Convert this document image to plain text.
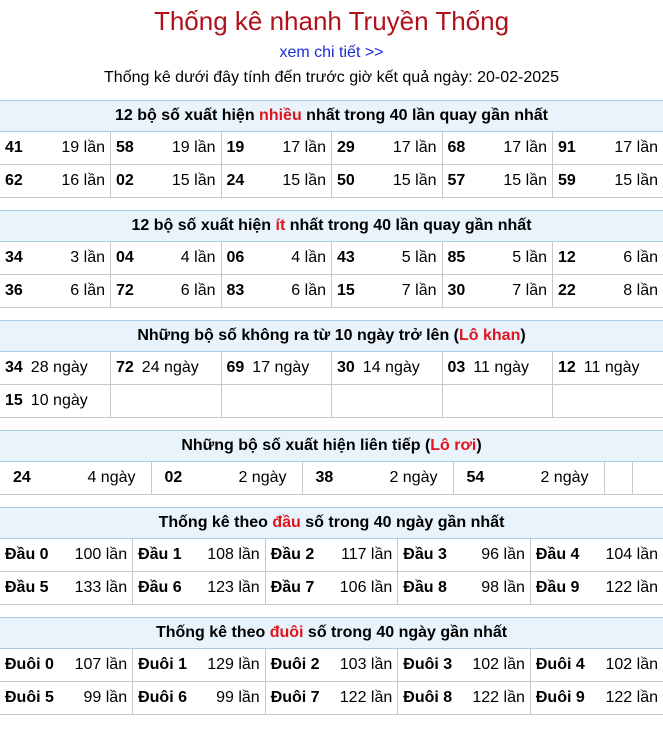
Thống kê nhanh Truyền Thống
xem chi tiết >>
Thống kê dưới đây tính đến trước giờ kết quả ngày: 20-02-2025
12 bộ số xuất hiện nhiều nhất trong 40 lần quay gần nhất
41 19 lần	58 19 lần	19 17 lần	29 17 lần	68 17 lần	91 17 lần

62 16 lần	02 15 lần	24 15 lần	50 15 lần	57 15 lần	59 15 lần
12 bộ số xuất hiện ít nhất trong 40 lần quay gần nhất
34 3 lần	04 4 lần	06 4 lần	43 5 lần	85 5 lần	12 6 lần

36 6 lần	72 6 lần	83 6 lần	15 7 lần	30 7 lần	22 8 lần
Những bộ số không ra từ 10 ngày trở lên (Lô khan)
34 28 ngày	72 24 ngày	69 17 ngày	30 14 ngày	03 11 ngày	12 11 ngày
15 10 ngày					
Những bộ số xuất hiện liên tiếp (Lô rơi)
24	4 ngày	02	2 ngày	38	2 ngày	54	2 ngày

Thống kê theo đầu số trong 40 ngày gần nhất
Đầu 0 100 lần	Đầu 1 108 lần	Đầu 2 117 lần	Đầu 3 96 lần	Đầu 4 104 lần

Đầu 5 133 lần	Đầu 6 123 lần	Đầu 7 106 lần	Đầu 8 98 lần	Đầu 9 122 lần
Thống kê theo đuôi số trong 40 ngày gần nhất
Đuôi 0 107 lần	Đuôi 1 129 lần	Đuôi 2 103 lần	Đuôi 3 102 lần	Đuôi 4 102 lần

Đuôi 5 99 lần	Đuôi 6 99 lần	Đuôi 7 122 lần	Đuôi 8 122 lần	Đuôi 9 122 lần
